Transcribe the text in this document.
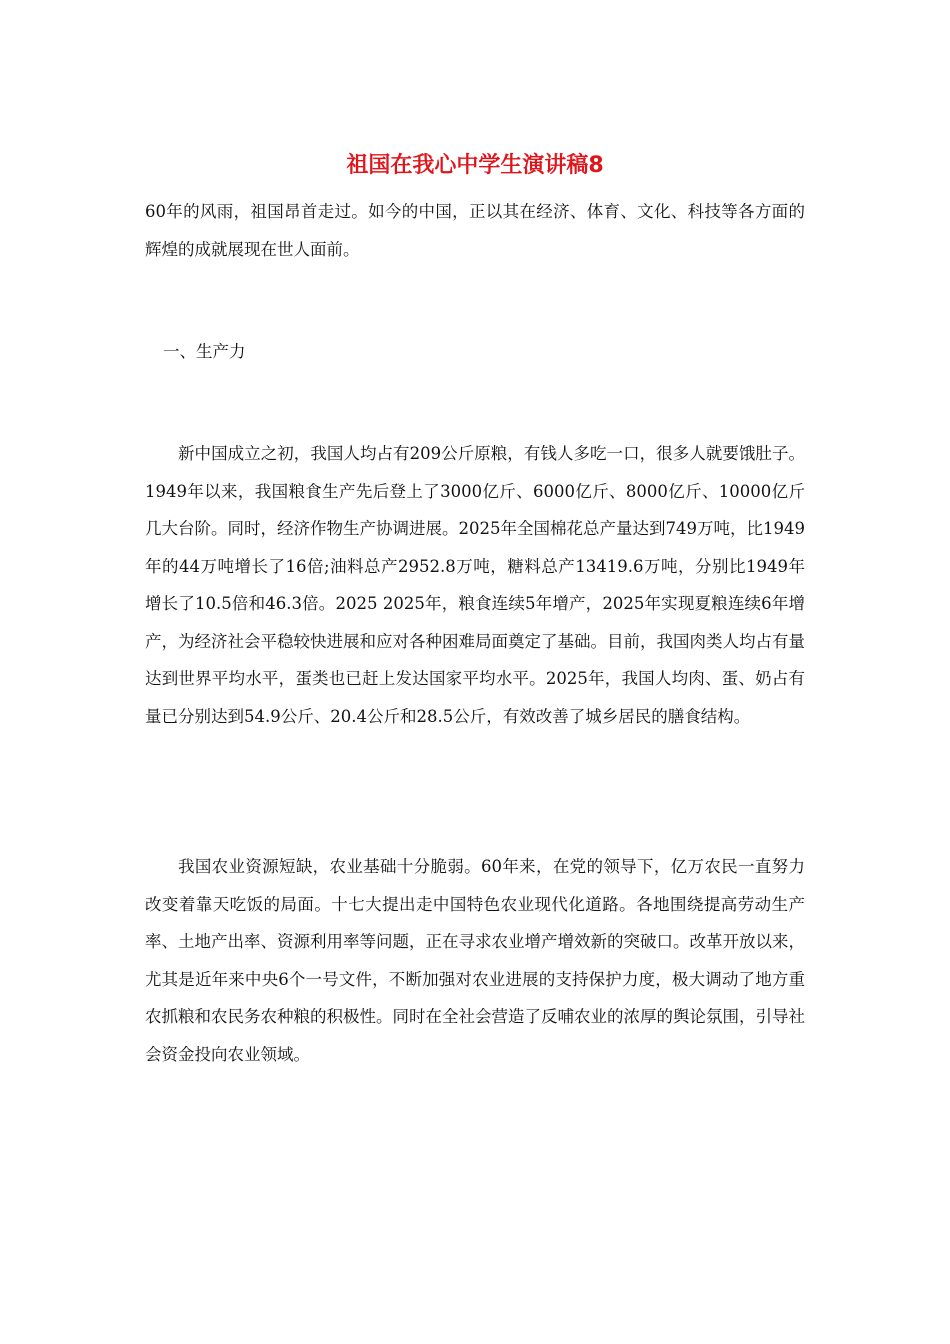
祖国在我心中学生演讲稿8

60年的风雨，祖国昂首走过。如今的中国，正以其在经济、体育、文化、科技等各方面的辉煌的成就展现在世人面前。

一、生产力

新中国成立之初，我国人均占有209公斤原粮，有钱人多吃一口，很多人就要饿肚子。1949年以来，我国粮食生产先后登上了3000亿斤、6000亿斤、8000亿斤、10000亿斤几大台阶。同时，经济作物生产协调进展。2025年全国棉花总产量达到749万吨，比1949年的44万吨增长了16倍;油料总产2952.8万吨，糖料总产13419.6万吨，分别比1949年增长了10.5倍和46.3倍。2025 2025年，粮食连续5年增产，2025年实现夏粮连续6年增产，为经济社会平稳较快进展和应对各种困难局面奠定了基础。目前，我国肉类人均占有量达到世界平均水平，蛋类也已赶上发达国家平均水平。2025年，我国人均肉、蛋、奶占有量已分别达到54.9公斤、20.4公斤和28.5公斤，有效改善了城乡居民的膳食结构。

我国农业资源短缺，农业基础十分脆弱。60年来，在党的领导下，亿万农民一直努力改变着靠天吃饭的局面。十七大提出走中国特色农业现代化道路。各地围绕提高劳动生产率、土地产出率、资源利用率等问题，正在寻求农业增产增效新的突破口。改革开放以来，尤其是近年来中央6个一号文件，不断加强对农业进展的支持保护力度，极大调动了地方重农抓粮和农民务农种粮的积极性。同时在全社会营造了反哺农业的浓厚的舆论氛围，引导社会资金投向农业领域。
